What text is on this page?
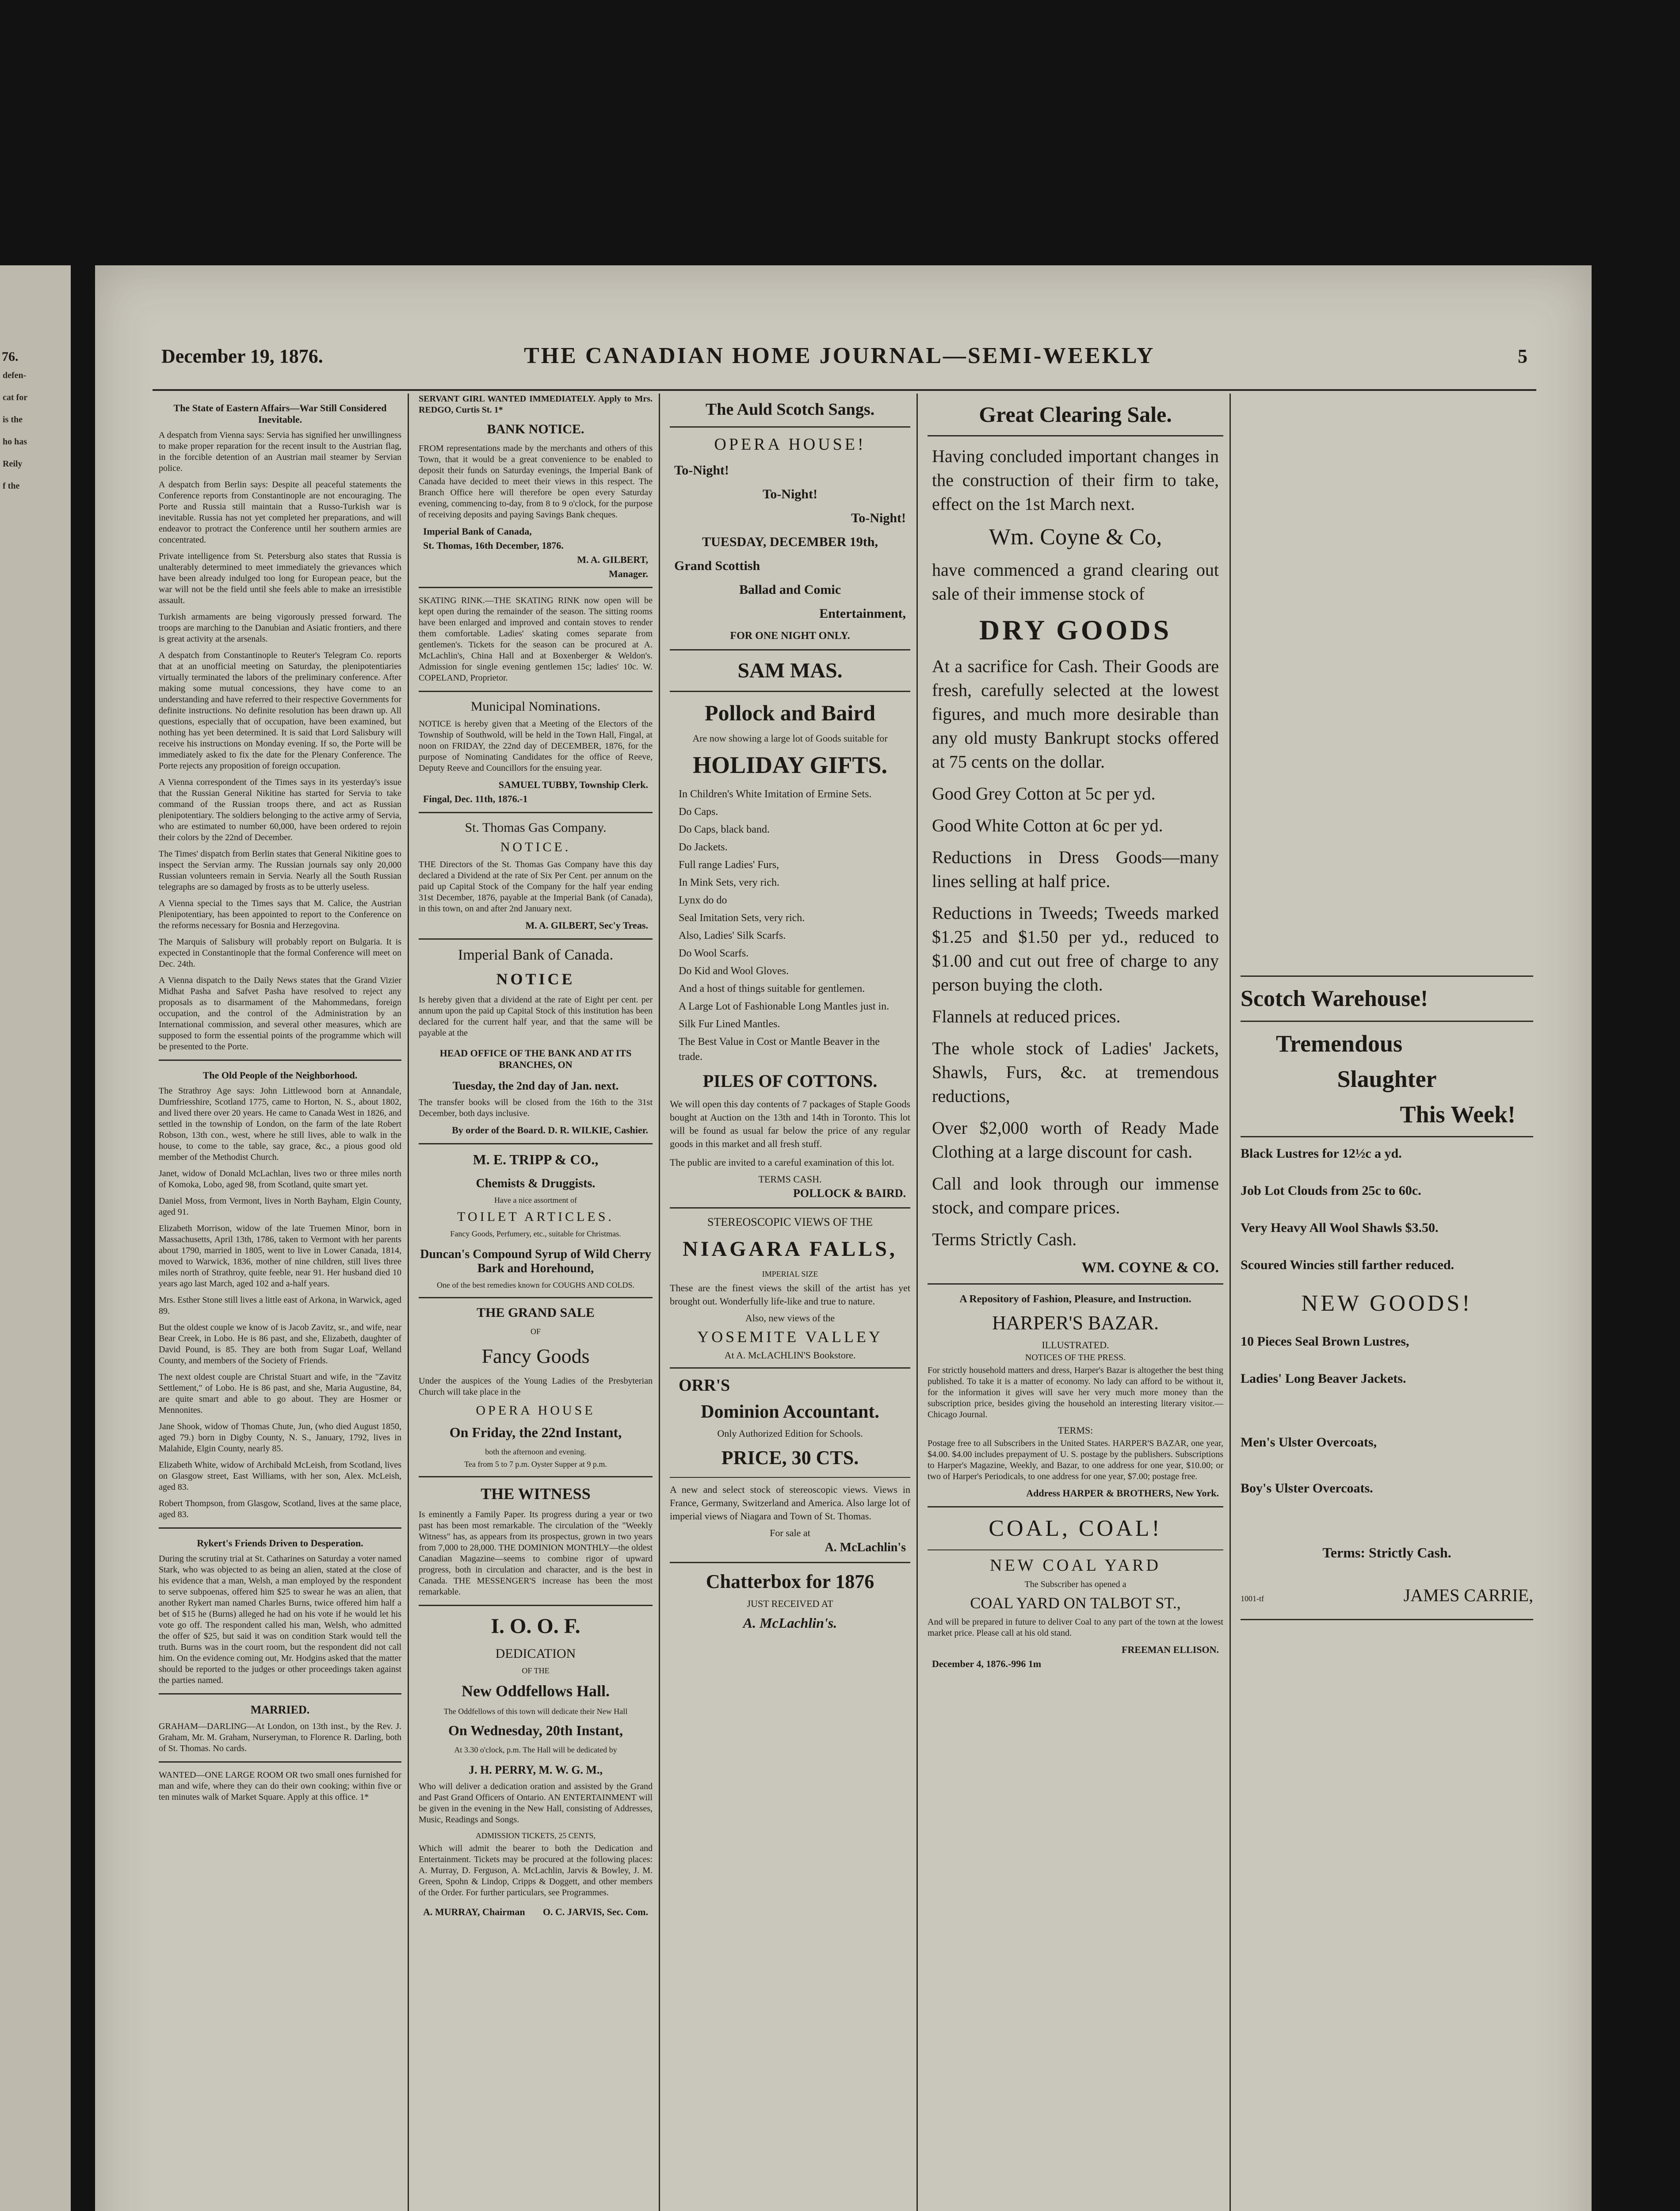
76.
defen-
cat for
is the
ho has
Reily
f the
December 19, 1876.	THE CANADIAN HOME JOURNAL—SEMI-WEEKLY	5
The State of Eastern Affairs—War Still Considered Inevitable.

A despatch from Vienna says: Servia has signified her unwillingness to make proper reparation for the recent insult to the Austrian flag, in the forcible detention of an Austrian mail steamer by Servian police.

A despatch from Berlin says: Despite all peaceful statements the Conference reports from Constantinople are not encouraging. The Porte and Russia still maintain that a Russo-Turkish war is inevitable. Russia has not yet completed her preparations, and will endeavor to protract the Conference until her southern armies are concentrated.

Private intelligence from St. Petersburg also states that Russia is unalterably determined to meet immediately the grievances which have been already indulged too long for European peace, but the war will not be the field until she feels able to make an irresistible assault.

Turkish armaments are being vigorously pressed forward. The troops are marching to the Danubian and Asiatic frontiers, and there is great activity at the arsenals.

A despatch from Constantinople to Reuter's Telegram Co. reports that at an unofficial meeting on Saturday, the plenipotentiaries virtually terminated the labors of the preliminary conference. After making some mutual concessions, they have come to an understanding and have referred to their respective Governments for definite instructions. No definite resolution has been drawn up. All questions, especially that of occupation, have been examined, but nothing has yet been determined. It is said that Lord Salisbury will receive his instructions on Monday evening. If so, the Porte will be immediately asked to fix the date for the Plenary Conference. The Porte rejects any proposition of foreign occupation.

A Vienna correspondent of the Times says in its yesterday's issue that the Russian General Nikitine has started for Servia to take command of the Russian troops there, and act as Russian plenipotentiary. The soldiers belonging to the active army of Servia, who are estimated to number 60,000, have been ordered to rejoin their colors by the 22nd of December.

The Times' dispatch from Berlin states that General Nikitine goes to inspect the Servian army. The Russian journals say only 20,000 Russian volunteers remain in Servia. Nearly all the South Russian telegraphs are so damaged by frosts as to be utterly useless.

A Vienna special to the Times says that M. Calice, the Austrian Plenipotentiary, has been appointed to report to the Conference on the reforms necessary for Bosnia and Herzegovina.

The Marquis of Salisbury will probably report on Bulgaria. It is expected in Constantinople that the formal Conference will meet on Dec. 24th.

A Vienna dispatch to the Daily News states that the Grand Vizier Midhat Pasha and Safvet Pasha have resolved to reject any proposals as to disarmament of the Mahommedans, foreign occupation, and the control of the Administration by an International commission, and several other measures, which are supposed to form the essential points of the programme which will be presented to the Porte.

The Old People of the Neighborhood.

The Strathroy Age says: John Littlewood born at Annandale, Dumfriesshire, Scotland 1775, came to Horton, N. S., about 1802, and lived there over 20 years. He came to Canada West in 1826, and settled in the township of London, on the farm of the late Robert Robson, 13th con., west, where he still lives, able to walk in the house, to come to the table, say grace, &c., a pious good old member of the Methodist Church.

Janet, widow of Donald McLachlan, lives two or three miles north of Komoka, Lobo, aged 98, from Scotland, quite smart yet.

Daniel Moss, from Vermont, lives in North Bayham, Elgin County, aged 91.

Elizabeth Morrison, widow of the late Truemen Minor, born in Massachusetts, April 13th, 1786, taken to Vermont with her parents about 1790, married in 1805, went to live in Lower Canada, 1814, moved to Warwick, 1836, mother of nine children, still lives three miles north of Strathroy, quite feeble, near 91. Her husband died 10 years ago last March, aged 102 and a-half years.

Mrs. Esther Stone still lives a little east of Arkona, in Warwick, aged 89.

But the oldest couple we know of is Jacob Zavitz, sr., and wife, near Bear Creek, in Lobo. He is 86 past, and she, Elizabeth, daughter of David Pound, is 85. They are both from Sugar Loaf, Welland County, and members of the Society of Friends.

The next oldest couple are Christal Stuart and wife, in the "Zavitz Settlement," of Lobo. He is 86 past, and she, Maria Augustine, 84, are quite smart and able to go about. They are Hosmer or Mennonites.

Jane Shook, widow of Thomas Chute, Jun, (who died August 1850, aged 79.) born in Digby County, N. S., January, 1792, lives in Malahide, Elgin County, nearly 85.

Elizabeth White, widow of Archibald McLeish, from Scotland, lives on Glasgow street, East Williams, with her son, Alex. McLeish, aged 83.

Robert Thompson, from Glasgow, Scotland, lives at the same place, aged 83.

Rykert's Friends Driven to Desperation.

During the scrutiny trial at St. Catharines on Saturday a voter named Stark, who was objected to as being an alien, stated at the close of his evidence that a man, Welsh, a man employed by the respondent to serve subpoenas, offered him $25 to swear he was an alien, that another Rykert man named Charles Burns, twice offered him half a bet of $15 he (Burns) alleged he had on his vote if he would let his vote go off. The respondent called his man, Welsh, who admitted the offer of $25, but said it was on condition Stark would tell the truth. Burns was in the court room, but the respondent did not call him. On the evidence coming out, Mr. Hodgins asked that the matter should be reported to the judges or other proceedings taken against the parties named.

MARRIED.

GRAHAM—DARLING—At London, on 13th inst., by the Rev. J. Graham, Mr. M. Graham, Nurseryman, to Florence R. Darling, both of St. Thomas. No cards.

WANTED—ONE LARGE ROOM OR two small ones furnished for man and wife, where they can do their own cooking; within five or ten minutes walk of Market Square. Apply at this office. 1*

SERVANT GIRL WANTED IMMEDIATELY. Apply to Mrs. REDGO, Curtis St. 1*

BANK NOTICE.

FROM representations made by the merchants and others of this Town, that it would be a great convenience to be enabled to deposit their funds on Saturday evenings, the Imperial Bank of Canada have decided to meet their views in this respect. The Branch Office here will therefore be open every Saturday evening, commencing to-day, from 8 to 9 o'clock, for the purpose of receiving deposits and paying Savings Bank cheques.

Imperial Bank of Canada,
St. Thomas, 16th December, 1876.
M. A. GILBERT,
Manager.

SKATING RINK.—THE SKATING RINK now open will be kept open during the remainder of the season. The sitting rooms have been enlarged and improved and contain stoves to render them comfortable. Ladies' skating comes separate from gentlemen's. Tickets for the season can be procured at A. McLachlin's, China Hall and at Boxenberger & Weldon's. Admission for single evening gentlemen 15c; ladies' 10c. W. COPELAND, Proprietor.

Municipal Nominations.

NOTICE is hereby given that a Meeting of the Electors of the Township of Southwold, will be held in the Town Hall, Fingal, at noon on FRIDAY, the 22nd day of DECEMBER, 1876, for the purpose of Nominating Candidates for the office of Reeve, Deputy Reeve and Councillors for the ensuing year.

SAMUEL TUBBY, Township Clerk.
Fingal, Dec. 11th, 1876.-1
St. Thomas Gas Company.
NOTICE.

THE Directors of the St. Thomas Gas Company have this day declared a Dividend at the rate of Six Per Cent. per annum on the paid up Capital Stock of the Company for the half year ending 31st December, 1876, payable at the Imperial Bank (of Canada), in this town, on and after 2nd January next.

M. A. GILBERT, Sec'y Treas.
Imperial Bank of Canada.
NOTICE

Is hereby given that a dividend at the rate of Eight per cent. per annum upon the paid up Capital Stock of this institution has been declared for the current half year, and that the same will be payable at the

HEAD OFFICE OF THE BANK AND AT ITS BRANCHES, ON
Tuesday, the 2nd day of Jan. next.

The transfer books will be closed from the 16th to the 31st December, both days inclusive.

By order of the Board. D. R. WILKIE, Cashier.
M. E. TRIPP & CO.,
Chemists & Druggists.
Have a nice assortment of
TOILET ARTICLES.
Fancy Goods, Perfumery, etc., suitable for Christmas.
Duncan's Compound Syrup of Wild Cherry Bark and Horehound,
One of the best remedies known for COUGHS AND COLDS.
THE GRAND SALE
OF
Fancy Goods

Under the auspices of the Young Ladies of the Presbyterian Church will take place in the

OPERA HOUSE
On Friday, the 22nd Instant,
both the afternoon and evening.
Tea from 5 to 7 p.m. Oyster Supper at 9 p.m.
THE WITNESS

Is eminently a Family Paper. Its progress during a year or two past has been most remarkable. The circulation of the "Weekly Witness" has, as appears from its prospectus, grown in two years from 7,000 to 28,000. THE DOMINION MONTHLY—the oldest Canadian Magazine—seems to combine rigor of upward progress, both in circulation and character, and is the best in Canada. THE MESSENGER'S increase has been the most remarkable.

I. O. O. F.
DEDICATION
OF THE
New Oddfellows Hall.
The Oddfellows of this town will dedicate their New Hall
On Wednesday, 20th Instant,
At 3.30 o'clock, p.m. The Hall will be dedicated by
J. H. PERRY, M. W. G. M.,

Who will deliver a dedication oration and assisted by the Grand and Past Grand Officers of Ontario. AN ENTERTAINMENT will be given in the evening in the New Hall, consisting of Addresses, Music, Readings and Songs.

ADMISSION TICKETS, 25 CENTS,

Which will admit the bearer to both the Dedication and Entertainment. Tickets may be procured at the following places: A. Murray, D. Ferguson, A. McLachlin, Jarvis & Bowley, J. M. Green, Spohn & Lindop, Cripps & Doggett, and other members of the Order. For further particulars, see Programmes.

A. MURRAY, Chairman O. C. JARVIS, Sec. Com.
The Auld Scotch Sangs.
OPERA HOUSE!
To-Night!
To-Night!
To-Night!
TUESDAY, DECEMBER 19th,
Grand Scottish
Ballad and Comic
Entertainment,
FOR ONE NIGHT ONLY.
SAM MAS.
Pollock and Baird
Are now showing a large lot of Goods suitable for
HOLIDAY GIFTS.
In Children's White Imitation of Ermine Sets.
Do Caps.
Do Caps, black band.
Do Jackets.
Full range Ladies' Furs,
In Mink Sets, very rich.
Lynx do do
Seal Imitation Sets, very rich.
Also, Ladies' Silk Scarfs.
Do Wool Scarfs.
Do Kid and Wool Gloves.
And a host of things suitable for gentlemen.
A Large Lot of Fashionable Long Mantles just in.
Silk Fur Lined Mantles.
The Best Value in Cost or Mantle Beaver in the trade.
PILES OF COTTONS.

We will open this day contents of 7 packages of Staple Goods bought at Auction on the 13th and 14th in Toronto. This lot will be found as usual far below the price of any regular goods in this market and all fresh stuff.

The public are invited to a careful examination of this lot.

TERMS CASH.
POLLOCK & BAIRD.
STEREOSCOPIC VIEWS OF THE
NIAGARA FALLS,
IMPERIAL SIZE

These are the finest views the skill of the artist has yet brought out. Wonderfully life-like and true to nature.

Also, new views of the
YOSEMITE VALLEY
At A. McLACHLIN'S Bookstore.
ORR'S
Dominion Accountant.
Only Authorized Edition for Schools.
PRICE, 30 CTS.

A new and select stock of stereoscopic views. Views in France, Germany, Switzerland and America. Also large lot of imperial views of Niagara and Town of St. Thomas.

For sale at
A. McLachlin's
Chatterbox for 1876
JUST RECEIVED AT
A. McLachlin's.
Great Clearing Sale.

Having concluded important changes in the construction of their firm to take, effect on the 1st March next.

Wm. Coyne & Co,

have commenced a grand clearing out sale of their immense stock of

DRY GOODS

At a sacrifice for Cash. Their Goods are fresh, carefully selected at the lowest figures, and much more desirable than any old musty Bankrupt stocks offered at 75 cents on the dollar.

Good Grey Cotton at 5c per yd.

Good White Cotton at 6c per yd.

Reductions in Dress Goods—many lines selling at half price.

Reductions in Tweeds; Tweeds marked $1.25 and $1.50 per yd., reduced to $1.00 and cut out free of charge to any person buying the cloth.

Flannels at reduced prices.

The whole stock of Ladies' Jackets, Shawls, Furs, &c. at tremendous reductions,

Over $2,000 worth of Ready Made Clothing at a large discount for cash.

Call and look through our immense stock, and compare prices.

Terms Strictly Cash.

WM. COYNE & CO.
A Repository of Fashion, Pleasure, and Instruction.
HARPER'S BAZAR.
ILLUSTRATED.
NOTICES OF THE PRESS.

For strictly household matters and dress, Harper's Bazar is altogether the best thing published. To take it is a matter of economy. No lady can afford to be without it, for the information it gives will save her very much more money than the subscription price, besides giving the household an interesting literary visitor.—Chicago Journal.

TERMS:

Postage free to all Subscribers in the United States. HARPER'S BAZAR, one year, $4.00. $4.00 includes prepayment of U. S. postage by the publishers. Subscriptions to Harper's Magazine, Weekly, and Bazar, to one address for one year, $10.00; or two of Harper's Periodicals, to one address for one year, $7.00; postage free.

Address HARPER & BROTHERS, New York.
COAL, COAL!
NEW COAL YARD
The Subscriber has opened a
COAL YARD ON TALBOT ST.,

And will be prepared in future to deliver Coal to any part of the town at the lowest market price. Please call at his old stand.

FREEMAN ELLISON.
December 4, 1876.-996 1m
Scotch Warehouse!
Tremendous
Slaughter
This Week!
Black Lustres for 12½c a yd.
Job Lot Clouds from 25c to 60c.
Very Heavy All Wool Shawls $3.50.
Scoured Wincies still farther reduced.
NEW GOODS!
10 Pieces Seal Brown Lustres,
Ladies' Long Beaver Jackets.
Men's Ulster Overcoats,
Boy's Ulster Overcoats.
Terms: Strictly Cash.
1001-tf	JAMES CARRIE,
